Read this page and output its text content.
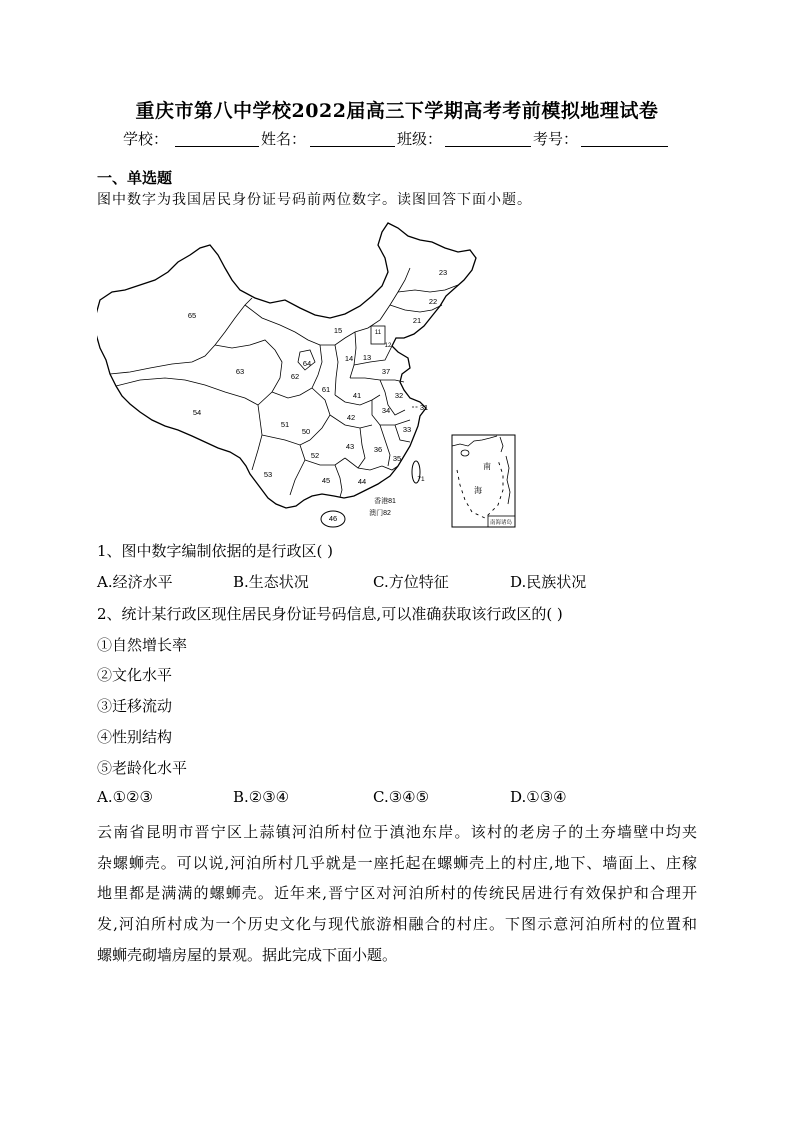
重庆市第八中学校2022届高三下学期高考考前模拟地理试卷
学校：	姓名：	班级：	考号：
一、单选题
图中数字为我国居民身份证号码前两位数字。读图回答下面小题。
23
22
21
65
15	11
12
14 13
37
64
62
63
61
41	32
31
54
51
42
34
50	33
43	36
52	35
53
45	44	71
46
香港81
澳门82
南
海
南海诸岛
1、图中数字编制依据的是行政区( )
A.经济水平	B.生态状况	C.方位特征	D.民族状况
2、统计某行政区现住居民身份证号码信息,可以准确获取该行政区的( )
①自然增长率
②文化水平
③迁移流动
④性别结构
⑤老龄化水平
A.①②③	B.②③④	C.③④⑤	D.①③④
云南省昆明市晋宁区上蒜镇河泊所村位于滇池东岸。该村的老房子的土夯墙壁中均夹
杂螺蛳壳。可以说,河泊所村几乎就是一座托起在螺蛳壳上的村庄,地下、墙面上、庄稼
地里都是满满的螺蛳壳。近年来,晋宁区对河泊所村的传统民居进行有效保护和合理开
发,河泊所村成为一个历史文化与现代旅游相融合的村庄。下图示意河泊所村的位置和
螺蛳壳砌墙房屋的景观。据此完成下面小题。
